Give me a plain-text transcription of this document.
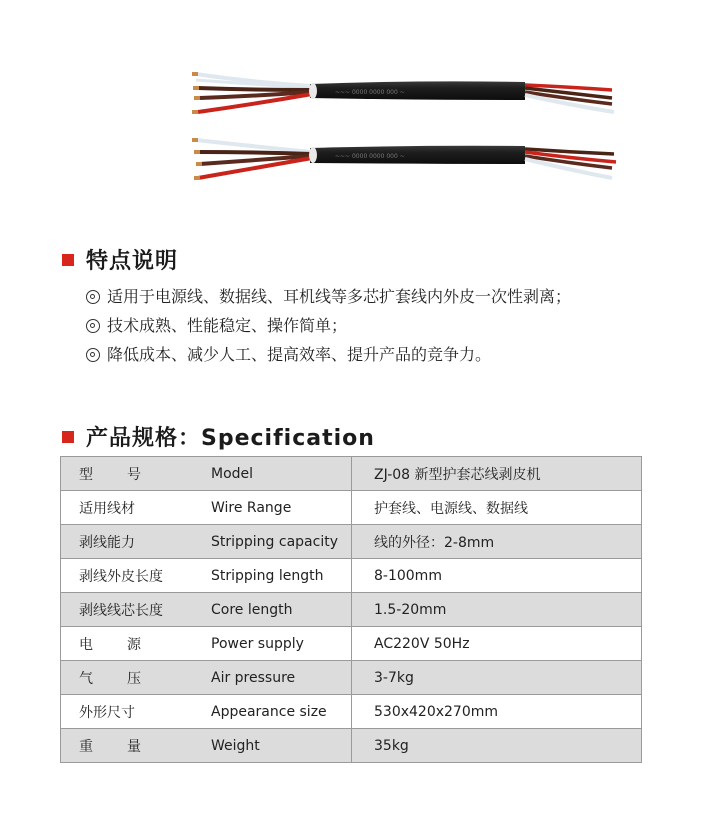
~~~ 0000 0000 000 ~
~~~ 0000 0000 000 ~
特点说明
适用于电源线、数据线、耳机线等多芯扩套线内外皮一次性剥离；
技术成熟、性能稳定、操作简单；
降低成本、减少人工、提高效率、提升产品的竞争力。
产品规格：Specification
型号	Model	ZJ-08 新型护套芯线剥皮机
适用线材	Wire Range	护套线、电源线、数据线
剥线能力	Stripping capacity	线的外径：2-8mm
剥线外皮长度	Stripping length	8-100mm
剥线线芯长度	Core length	1.5-20mm
电源	Power supply	AC220V 50Hz
气压	Air pressure	3-7kg
外形尺寸	Appearance size	530x420x270mm
重量	Weight	35kg
